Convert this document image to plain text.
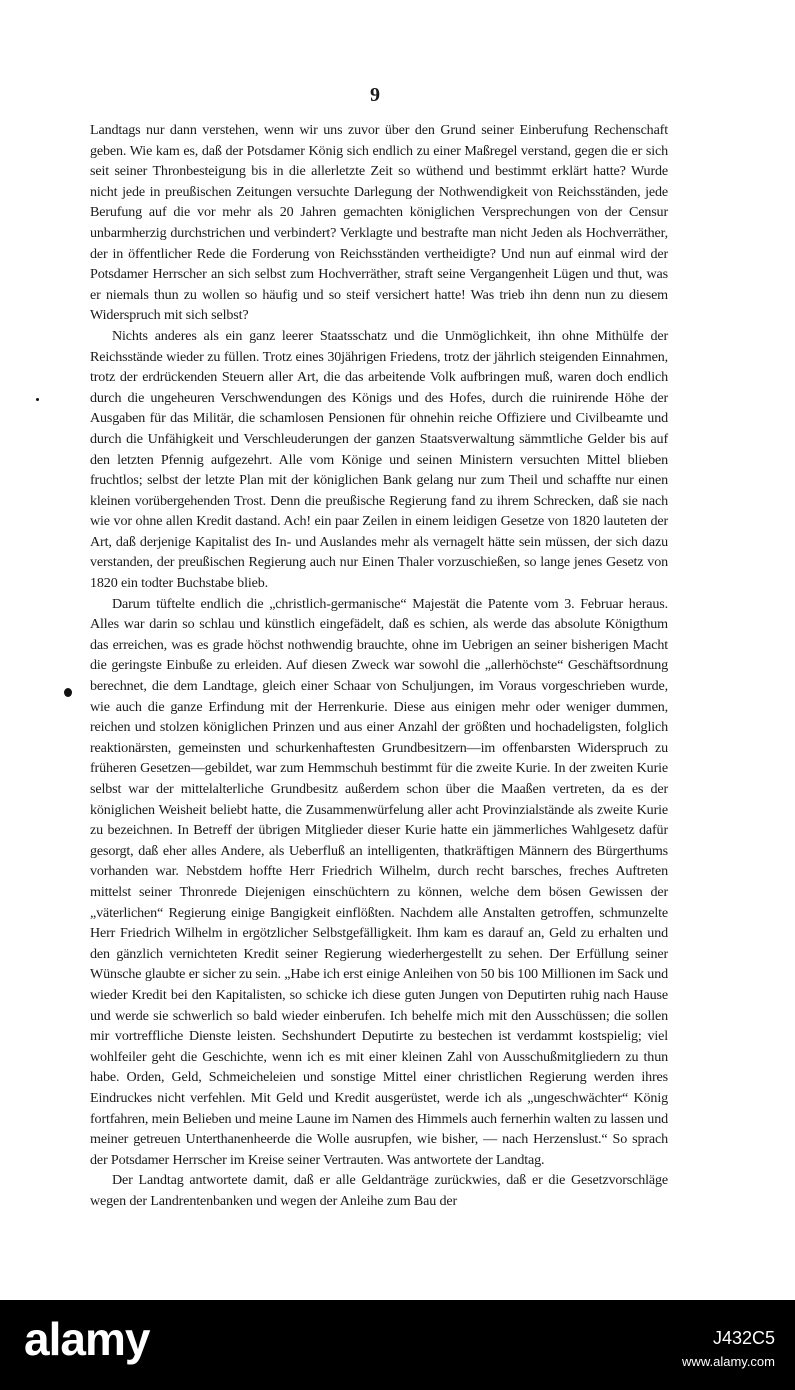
9

Landtags nur dann verstehen, wenn wir uns zuvor über den Grund seiner Einberufung Rechenschaft geben. Wie kam es, daß der Potsdamer König sich endlich zu einer Maßregel verstand, gegen die er sich seit seiner Thronbesteigung bis in die allerletzte Zeit so wüthend und bestimmt erklärt hatte? Wurde nicht jede in preußischen Zeitungen versuchte Darlegung der Nothwendigkeit von Reichsständen, jede Berufung auf die vor mehr als 20 Jahren gemachten königlichen Versprechungen von der Censur unbarmherzig durchstrichen und verbindert? Verklagte und bestrafte man nicht Jeden als Hochverräther, der in öffentlicher Rede die Forderung von Reichsständen vertheidigte? Und nun auf einmal wird der Potsdamer Herrscher an sich selbst zum Hochverräther, straft seine Vergangenheit Lügen und thut, was er niemals thun zu wollen so häufig und so steif versichert hatte! Was trieb ihn denn nun zu diesem Widerspruch mit sich selbst?

Nichts anderes als ein ganz leerer Staatsschatz und die Unmöglichkeit, ihn ohne Mithülfe der Reichsstände wieder zu füllen. Trotz eines 30jährigen Friedens, trotz der jährlich steigenden Einnahmen, trotz der erdrückenden Steuern aller Art, die das arbeitende Volk aufbringen muß, waren doch endlich durch die ungeheuren Verschwendungen des Königs und des Hofes, durch die ruinirende Höhe der Ausgaben für das Militär, die schamlosen Pensionen für ohnehin reiche Offiziere und Civilbeamte und durch die Unfähigkeit und Verschleuderungen der ganzen Staatsverwaltung sämmtliche Gelder bis auf den letzten Pfennig aufgezehrt. Alle vom Könige und seinen Ministern versuchten Mittel blieben fruchtlos; selbst der letzte Plan mit der königlichen Bank gelang nur zum Theil und schaffte nur einen kleinen vorübergehenden Trost. Denn die preußische Regierung fand zu ihrem Schrecken, daß sie nach wie vor ohne allen Kredit dastand. Ach! ein paar Zeilen in einem leidigen Gesetze von 1820 lauteten der Art, daß derjenige Kapitalist des In- und Auslandes mehr als vernagelt hätte sein müssen, der sich dazu verstanden, der preußischen Regierung auch nur Einen Thaler vorzuschießen, so lange jenes Gesetz von 1820 ein todter Buchstabe blieb.

Darum tüftelte endlich die „christlich-germanische“ Majestät die Patente vom 3. Februar heraus. Alles war darin so schlau und künstlich eingefädelt, daß es schien, als werde das absolute Königthum das erreichen, was es grade höchst nothwendig brauchte, ohne im Uebrigen an seiner bisherigen Macht die geringste Einbuße zu erleiden. Auf diesen Zweck war sowohl die „allerhöchste“ Geschäftsordnung berechnet, die dem Landtage, gleich einer Schaar von Schuljungen, im Voraus vorgeschrieben wurde, wie auch die ganze Erfindung mit der Herrenkurie. Diese aus einigen mehr oder weniger dummen, reichen und stolzen königlichen Prinzen und aus einer Anzahl der größten und hochadeligsten, folglich reaktionärsten, gemeinsten und schurkenhaftesten Grundbesitzern—im offenbarsten Widerspruch zu früheren Gesetzen—gebildet, war zum Hemmschuh bestimmt für die zweite Kurie. In der zweiten Kurie selbst war der mittelalterliche Grundbesitz außerdem schon über die Maaßen vertreten, da es der königlichen Weisheit beliebt hatte, die Zusammenwürfelung aller acht Provinzialstände als zweite Kurie zu bezeichnen. In Betreff der übrigen Mitglieder dieser Kurie hatte ein jämmerliches Wahlgesetz dafür gesorgt, daß eher alles Andere, als Ueberfluß an intelligenten, thatkräftigen Männern des Bürgerthums vorhanden war. Nebstdem hoffte Herr Friedrich Wilhelm, durch recht barsches, freches Auftreten mittelst seiner Thronrede Diejenigen einschüchtern zu können, welche dem bösen Gewissen der „väterlichen“ Regierung einige Bangigkeit einflößten. Nachdem alle Anstalten getroffen, schmunzelte Herr Friedrich Wilhelm in ergötzlicher Selbstgefälligkeit. Ihm kam es darauf an, Geld zu erhalten und den gänzlich vernichteten Kredit seiner Regierung wiederhergestellt zu sehen. Der Erfüllung seiner Wünsche glaubte er sicher zu sein. „Habe ich erst einige Anleihen von 50 bis 100 Millionen im Sack und wieder Kredit bei den Kapitalisten, so schicke ich diese guten Jungen von Deputirten ruhig nach Hause und werde sie schwerlich so bald wieder einberufen. Ich behelfe mich mit den Ausschüssen; die sollen mir vortreffliche Dienste leisten. Sechshundert Deputirte zu bestechen ist verdammt kostspielig; viel wohlfeiler geht die Geschichte, wenn ich es mit einer kleinen Zahl von Ausschußmitgliedern zu thun habe. Orden, Geld, Schmeicheleien und sonstige Mittel einer christlichen Regierung werden ihres Eindruckes nicht verfehlen. Mit Geld und Kredit ausgerüstet, werde ich als „ungeschwächter“ König fortfahren, mein Belieben und meine Laune im Namen des Himmels auch fernerhin walten zu lassen und meiner getreuen Unterthanenheerde die Wolle ausrupfen, wie bisher, — nach Herzenslust.“ So sprach der Potsdamer Herrscher im Kreise seiner Vertrauten. Was antwortete der Landtag.

Der Landtag antwortete damit, daß er alle Geldanträge zurückwies, daß er die Gesetzvorschläge wegen der Landrentenbanken und wegen der Anleihe zum Bau der

alamy	J432C5
www.alamy.com
